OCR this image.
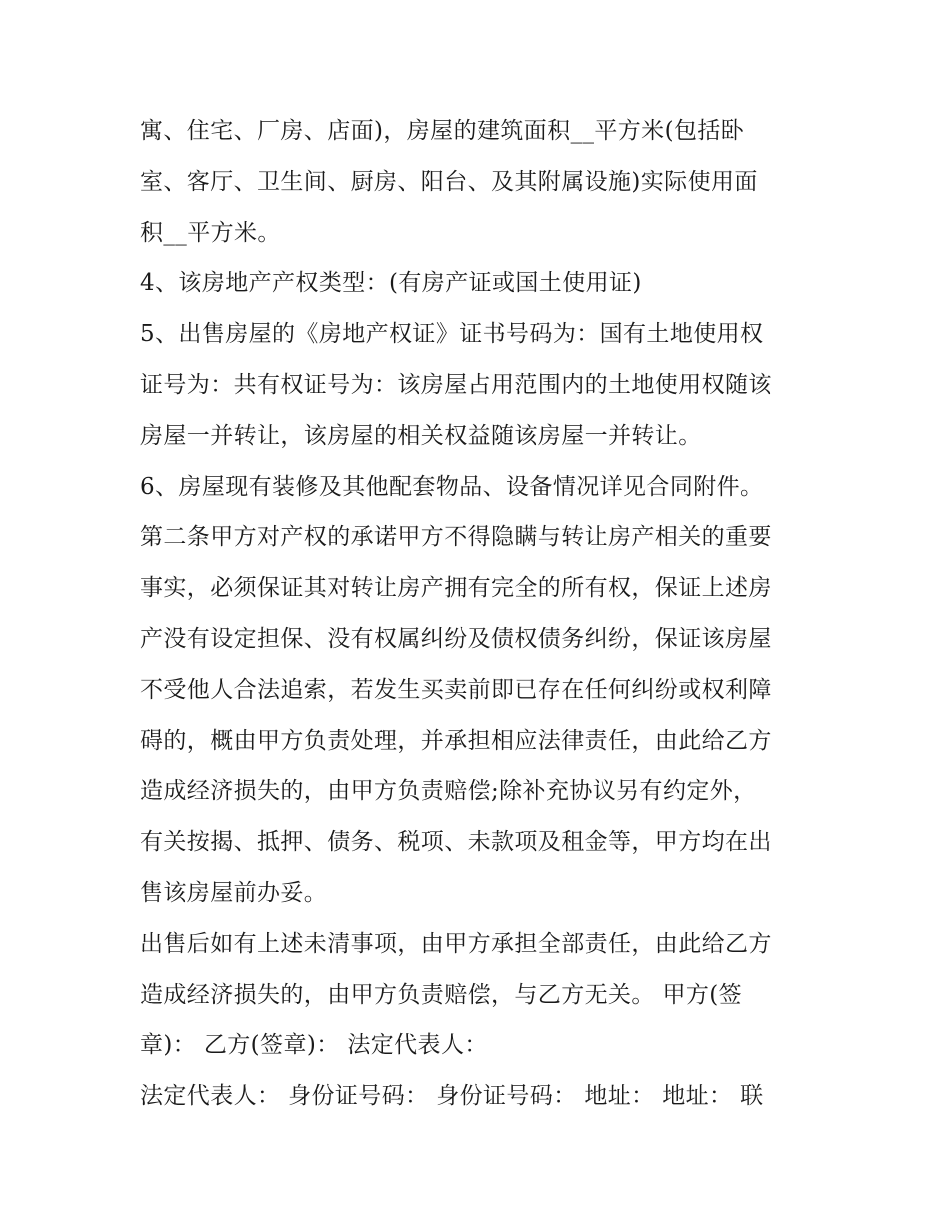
寓、住宅、厂房、店面)，房屋的建筑面积__平方米(包括卧
室、客厅、卫生间、厨房、阳台、及其附属设施)实际使用面
积__平方米。
4、该房地产产权类型：(有房产证或国土使用证)
5、出售房屋的《房地产权证》证书号码为：国有土地使用权
证号为：共有权证号为：该房屋占用范围内的土地使用权随该
房屋一并转让，该房屋的相关权益随该房屋一并转让。
6、房屋现有装修及其他配套物品、设备情况详见合同附件。
第二条甲方对产权的承诺甲方不得隐瞒与转让房产相关的重要
事实，必须保证其对转让房产拥有完全的所有权，保证上述房
产没有设定担保、没有权属纠纷及债权债务纠纷，保证该房屋
不受他人合法追索，若发生买卖前即已存在任何纠纷或权利障
碍的，概由甲方负责处理，并承担相应法律责任，由此给乙方
造成经济损失的，由甲方负责赔偿;除补充协议另有约定外，
有关按揭、抵押、债务、税项、未款项及租金等，甲方均在出
售该房屋前办妥。
出售后如有上述未清事项，由甲方承担全部责任，由此给乙方
造成经济损失的，由甲方负责赔偿，与乙方无关。 甲方(签
章)： 乙方(签章)： 法定代表人：
法定代表人： 身份证号码： 身份证号码： 地址： 地址： 联
